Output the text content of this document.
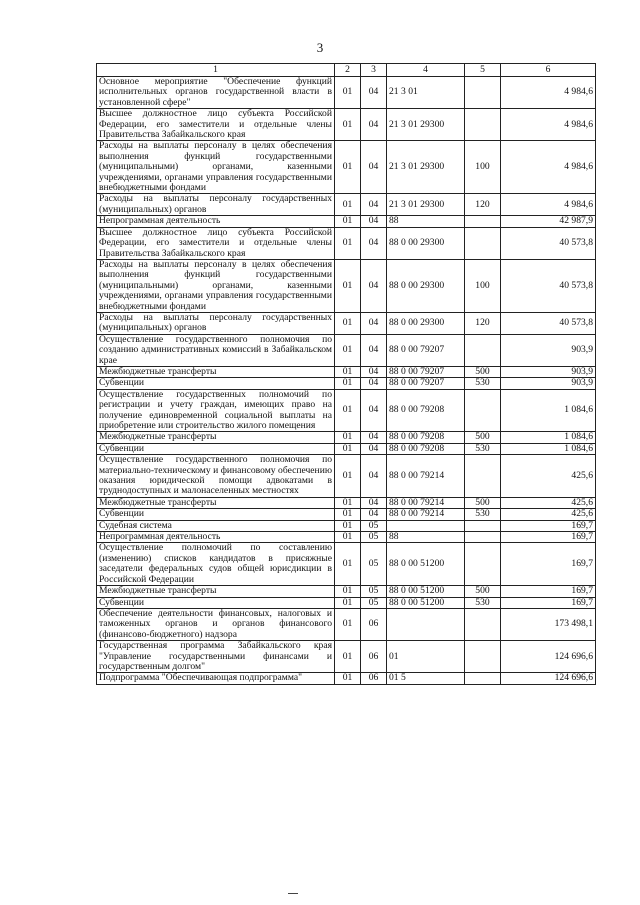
3
1	2	3	4	5	6
Основное мероприятие "Обеспечение функций исполнительных органов государственной власти в установленной сфере"	01	04	21 3 01		4 984,6
Высшее должностное лицо субъекта Российской Федерации, его заместители и отдельные члены Правительства Забайкальского края	01	04	21 3 01 29300		4 984,6
Расходы на выплаты персоналу в целях обеспечения выполнения функций государственными (муниципальными) органами, казенными учреждениями, органами управления государственными внебюджетными фондами	01	04	21 3 01 29300	100	4 984,6
Расходы на выплаты персоналу государственных (муниципальных) органов	01	04	21 3 01 29300	120	4 984,6
Непрограммная деятельность	01	04	88		42 987,9
Высшее должностное лицо субъекта Российской Федерации, его заместители и отдельные члены Правительства Забайкальского края	01	04	88 0 00 29300		40 573,8
Расходы на выплаты персоналу в целях обеспечения выполнения функций государственными (муниципальными) органами, казенными учреждениями, органами управления государственными внебюджетными фондами	01	04	88 0 00 29300	100	40 573,8
Расходы на выплаты персоналу государственных (муниципальных) органов	01	04	88 0 00 29300	120	40 573,8
Осуществление государственного полномочия по созданию административных комиссий в Забайкальском крае	01	04	88 0 00 79207		903,9
Межбюджетные трансферты	01	04	88 0 00 79207	500	903,9
Субвенции	01	04	88 0 00 79207	530	903,9
Осуществление государственных полномочий по регистрации и учету граждан, имеющих право на получение единовременной социальной выплаты на приобретение или строительство жилого помещения	01	04	88 0 00 79208		1 084,6
Межбюджетные трансферты	01	04	88 0 00 79208	500	1 084,6
Субвенции	01	04	88 0 00 79208	530	1 084,6
Осуществление государственного полномочия по материально-техническому и финансовому обеспечению оказания юридической помощи адвокатами в труднодоступных и малонаселенных местностях	01	04	88 0 00 79214		425,6
Межбюджетные трансферты	01	04	88 0 00 79214	500	425,6
Субвенции	01	04	88 0 00 79214	530	425,6
Судебная система	01	05			169,7
Непрограммная деятельность	01	05	88		169,7
Осуществление полномочий по составлению (изменению) списков кандидатов в присяжные заседатели федеральных судов общей юрисдикции в Российской Федерации	01	05	88 0 00 51200		169,7
Межбюджетные трансферты	01	05	88 0 00 51200	500	169,7
Субвенции	01	05	88 0 00 51200	530	169,7
Обеспечение деятельности финансовых, налоговых и таможенных органов и органов финансового (финансово-бюджетного) надзора	01	06			173 498,1
Государственная программа Забайкальского края "Управление государственными финансами и государственным долгом"	01	06	01		124 696,6
Подпрограмма "Обеспечивающая подпрограмма"	01	06	01 5		124 696,6
